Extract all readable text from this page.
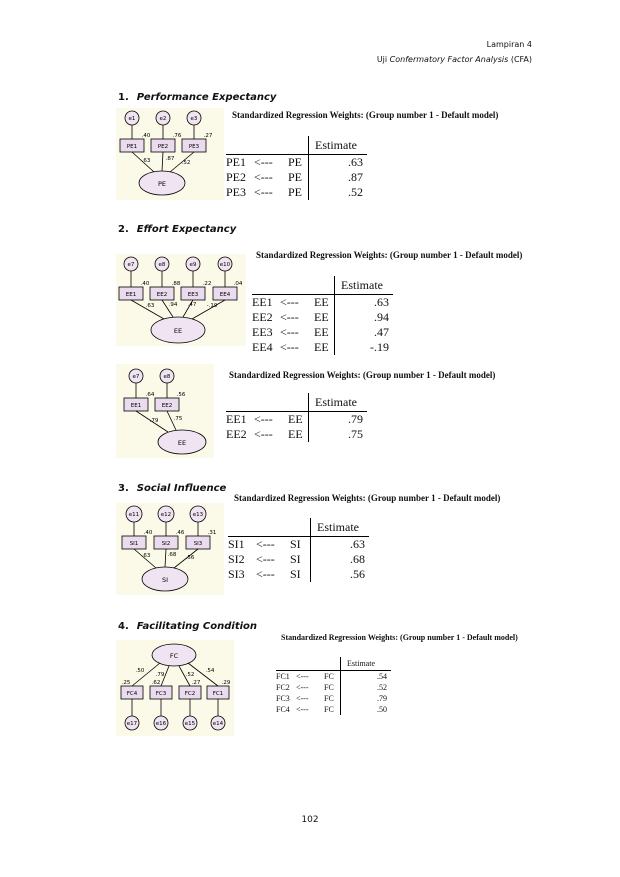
Lampiran 4
Uji Confermatory Factor Analysis (CFA)
1. Performance Expectancy
e1	e2	e3
PE1	PE2	PE3
.40	.76	.27
.63	.87
.52
PE
Standardized Regression Weights: (Group number 1 - Default model)
			Estimate
PE1	<---	PE	.63
PE2	<---	PE	.87
PE3	<---	PE	.52
2. Effort Expectancy
e7	e8	e9	e10
EE1	EE2	EE3	EE4
.40	.88	.22	.04
.63	.94 .47 -.19
EE
Standardized Regression Weights: (Group number 1 - Default model)
			Estimate
EE1	<---	EE	.63
EE2	<---	EE	.94
EE3	<---	EE	.47
EE4	<---	EE	-.19
e7	e8
EE1	EE2
.64	.56
.79	.75
EE
Standardized Regression Weights: (Group number 1 - Default model)
			Estimate
EE1	<---	EE	.79
EE2	<---	EE	.75
3. Social Influence
e11	e12	e13
SI1	SI2	SI3
.40	.46	.31
.63	.68 .56
SI
Standardized Regression Weights: (Group number 1 - Default model)
			Estimate
SI1	<---	SI	.63
SI2	<---	SI	.68
SI3	<---	SI	.56
4. Facilitating Condition
FC
FC4	FC3	FC2	FC1
e17	e16	e15	e14
.25	.62	.27	.29
.50
.79	.52
.54
Standardized Regression Weights: (Group number 1 - Default model)
			Estimate
FC1	<---	FC	.54
FC2	<---	FC	.52
FC3	<---	FC	.79
FC4	<---	FC	.50
102
